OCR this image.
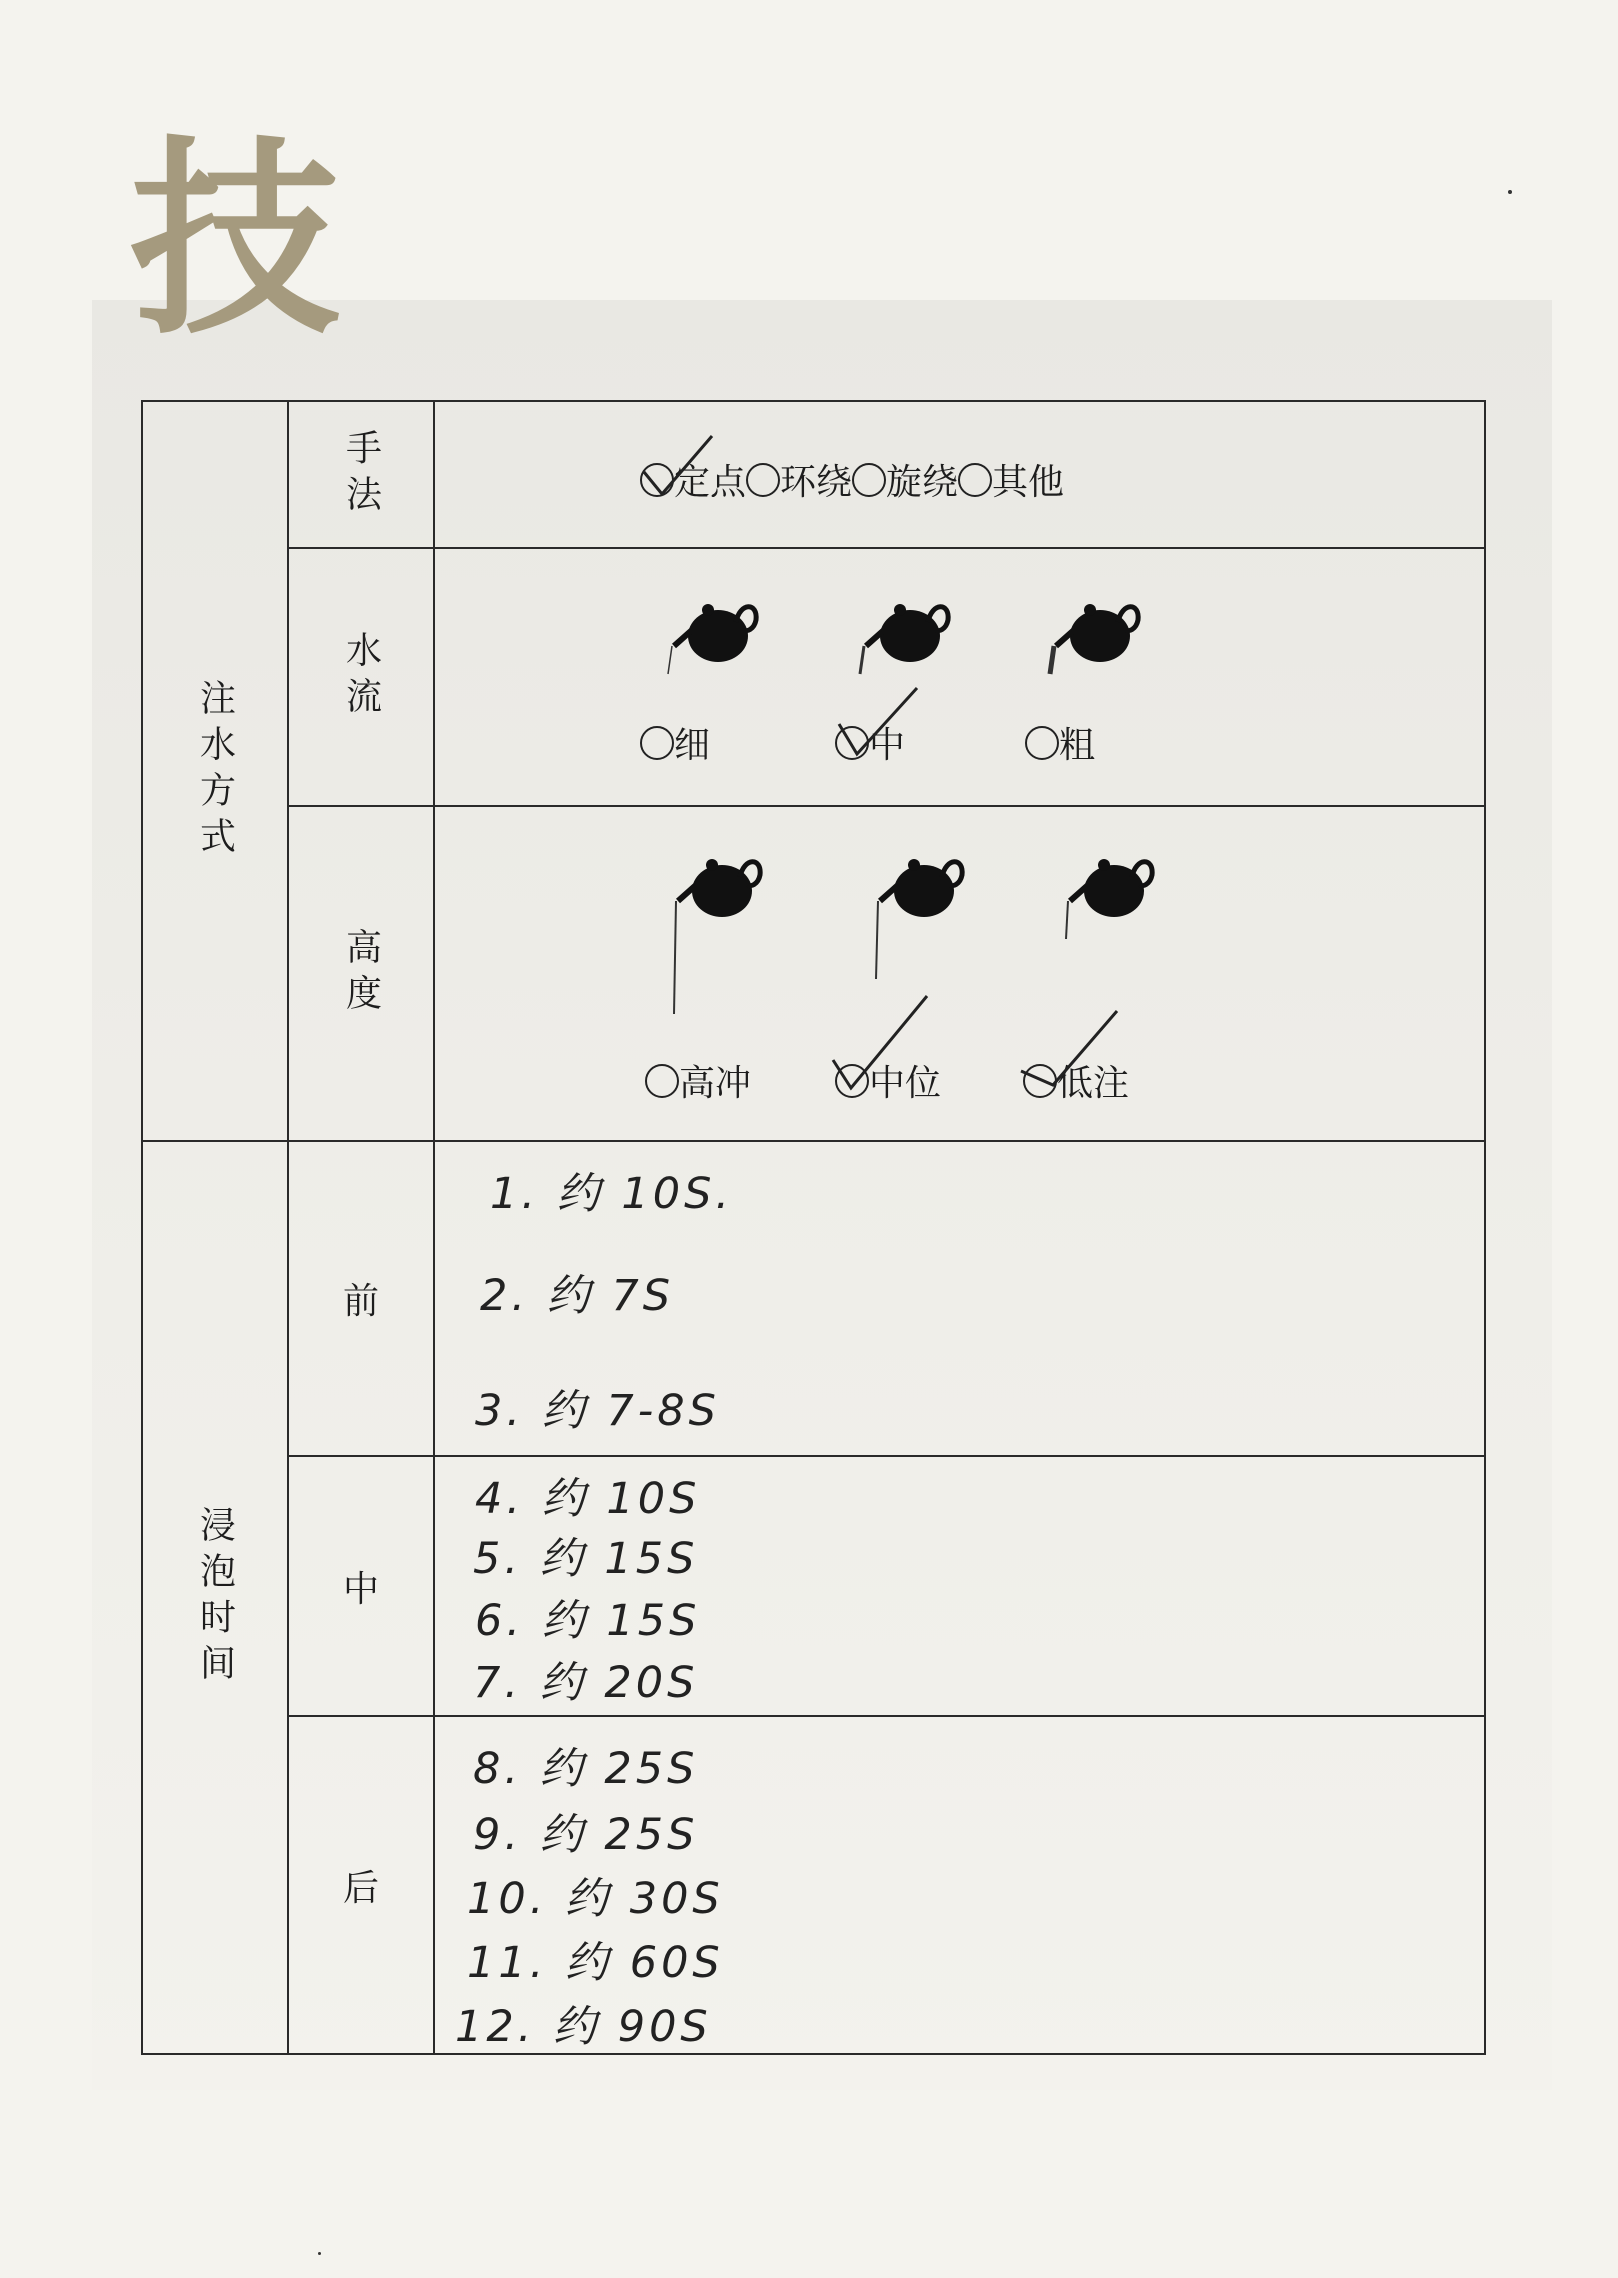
技
注水方式	手法	定点 环绕 旋绕 其他

	水流	细 中 粗

	高度	高冲 中位 低注

浸泡时间	前	1. 约 10S.
2. 约 7S
3. 约 7-8S

	中	4. 约 10S
5. 约 15S
6. 约 15S
7. 约 20S

	后	8. 约 25S
9. 约 25S
10. 约 30S
11. 约 60S
12. 约 90S
